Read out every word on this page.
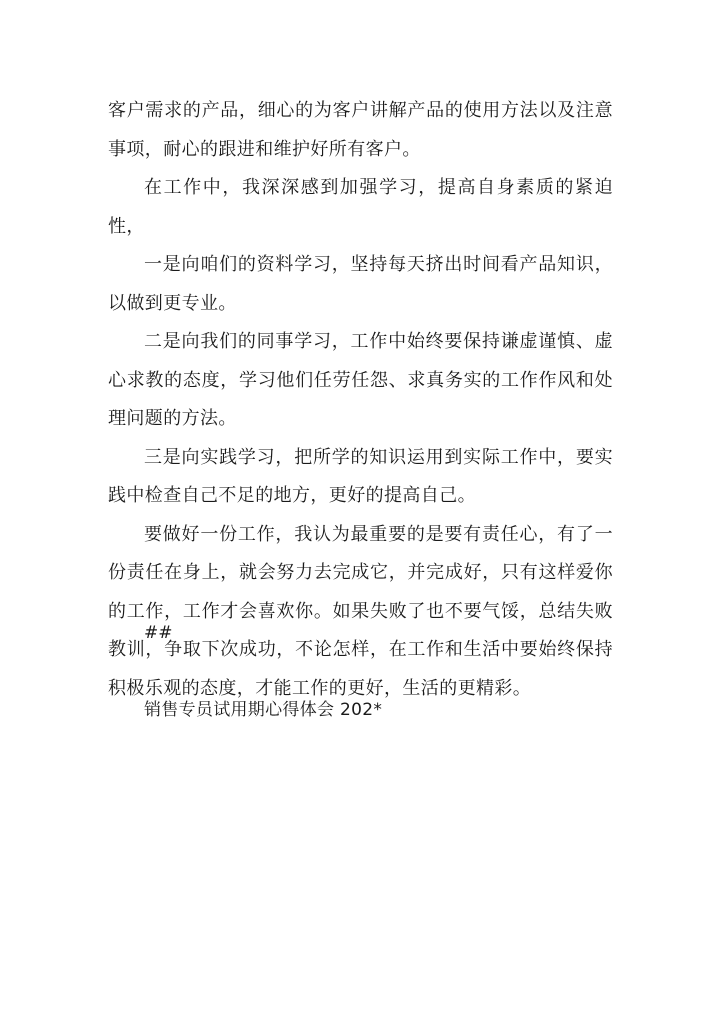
客户需求的产品，细心的为客户讲解产品的使用方法以及注意事项，耐心的跟进和维护好所有客户。

在工作中，我深深感到加强学习，提高自身素质的紧迫性，

一是向咱们的资料学习，坚持每天挤出时间看产品知识，以做到更专业。

二是向我们的同事学习，工作中始终要保持谦虚谨慎、虚心求教的态度，学习他们任劳任怨、求真务实的工作作风和处理问题的方法。

三是向实践学习，把所学的知识运用到实际工作中，要实践中检查自己不足的地方，更好的提高自己。

要做好一份工作，我认为最重要的是要有责任心，有了一份责任在身上，就会努力去完成它，并完成好，只有这样爱你的工作，工作才会喜欢你。如果失败了也不要气馁，总结失败教训，争取下次成功，不论怎样，在工作和生活中要始终保持积极乐观的态度，才能工作的更好，生活的更精彩。

##
销售专员试用期心得体会 202*
